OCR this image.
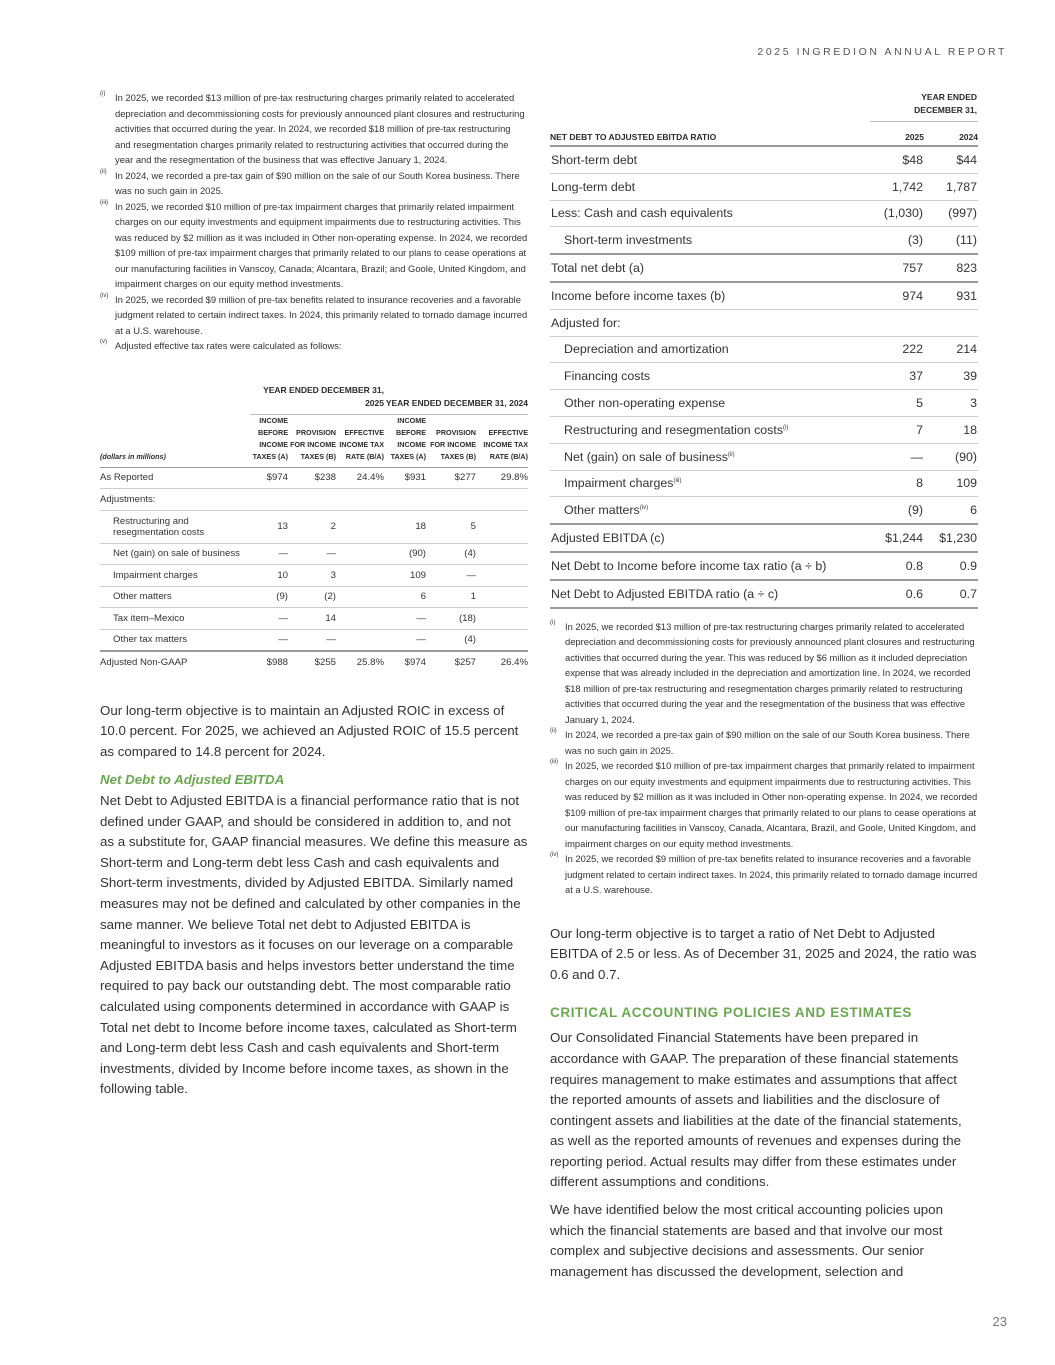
2025 INGREDION ANNUAL REPORT
(i) In 2025, we recorded $13 million of pre-tax restructuring charges primarily related to accelerated depreciation and decommissioning costs for previously announced plant closures and restructuring activities that occurred during the year. In 2024, we recorded $18 million of pre-tax restructuring and resegmentation charges primarily related to restructuring activities that occurred during the year and the resegmentation of the business that was effective January 1, 2024.
(ii) In 2024, we recorded a pre-tax gain of $90 million on the sale of our South Korea business. There was no such gain in 2025.
(iii) In 2025, we recorded $10 million of pre-tax impairment charges that primarily related impairment charges on our equity investments and equipment impairments due to restructuring activities. This was reduced by $2 million as it was included in Other non-operating expense. In 2024, we recorded $109 million of pre-tax impairment charges that primarily related to our plans to cease operations at our manufacturing facilities in Vanscoy, Canada; Alcantara, Brazil; and Goole, United Kingdom, and impairment charges on our equity method investments.
(iv) In 2025, we recorded $9 million of pre-tax benefits related to insurance recoveries and a favorable judgment related to certain indirect taxes. In 2024, this primarily related to tornado damage incurred at a U.S. warehouse.
(v) Adjusted effective tax rates were calculated as follows:
	YEAR ENDED DECEMBER 31, 2025			YEAR ENDED DECEMBER 31, 2024		
(dollars in millions)	INCOME BEFORE INCOME TAXES (A)	PROVISION FOR INCOME TAXES (B)	EFFECTIVE INCOME TAX RATE (B/A)	INCOME BEFORE INCOME TAXES (A)	PROVISION FOR INCOME TAXES (B)	EFFECTIVE INCOME TAX RATE (B/A)
As Reported	$974	$238	24.4%	$931	$277	29.8%
Adjustments:						
Restructuring and resegmentation costs	13	2		18	5	
Net (gain) on sale of business	—	—		(90)	(4)	
Impairment charges	10	3		109	—	
Other matters	(9)	(2)		6	1	
Tax item–Mexico	—	14		—	(18)	
Other tax matters	—	—		—	(4)	
Adjusted Non-GAAP	$988	$255	25.8%	$974	$257	26.4%

Our long-term objective is to maintain an Adjusted ROIC in excess of 10.0 percent. For 2025, we achieved an Adjusted ROIC of 15.5 percent as compared to 14.8 percent for 2024.

Net Debt to Adjusted EBITDA

Net Debt to Adjusted EBITDA is a financial performance ratio that is not defined under GAAP, and should be considered in addition to, and not as a substitute for, GAAP financial measures. We define this measure as Short-term and Long-term debt less Cash and cash equivalents and Short-term investments, divided by Adjusted EBITDA. Similarly named measures may not be defined and calculated by other companies in the same manner. We believe Total net debt to Adjusted EBITDA is meaningful to investors as it focuses on our leverage on a comparable Adjusted EBITDA basis and helps investors better understand the time required to pay back our outstanding debt. The most comparable ratio calculated using components determined in accordance with GAAP is Total net debt to Income before income taxes, calculated as Short-term and Long-term debt less Cash and cash equivalents and Short-term investments, divided by Income before income taxes, as shown in the following table.

	YEAR ENDED DECEMBER 31,	
NET DEBT TO ADJUSTED EBITDA RATIO	2025	2024
Short-term debt	$48	$44
Long-term debt	1,742	1,787
Less: Cash and cash equivalents	(1,030)	(997)
Short-term investments	(3)	(11)
Total net debt (a)	757	823
Income before income taxes (b)	974	931
Adjusted for:		
Depreciation and amortization	222	214
Financing costs	37	39
Other non-operating expense	5	3
Restructuring and resegmentation costs$^{(i)}$	7	18
Net (gain) on sale of business$^{(ii)}$	—	(90)
Impairment charges$^{(iii)}$	8	109
Other matters$^{(iv)}$	(9)	6
Adjusted EBITDA (c)	$1,244	$1,230
Net Debt to Income before income tax ratio (a ÷ b)	0.8	0.9
Net Debt to Adjusted EBITDA ratio (a ÷ c)	0.6	0.7
(i) In 2025, we recorded $13 million of pre-tax restructuring charges primarily related to accelerated depreciation and decommissioning costs for previously announced plant closures and restructuring activities that occurred during the year. This was reduced by $6 million as it included depreciation expense that was already included in the depreciation and amortization line. In 2024, we recorded $18 million of pre-tax restructuring and resegmentation charges primarily related to restructuring activities that occurred during the year and the resegmentation of the business that was effective January 1, 2024.
(ii) In 2024, we recorded a pre-tax gain of $90 million on the sale of our South Korea business. There was no such gain in 2025.
(iii) In 2025, we recorded $10 million of pre-tax impairment charges that primarily related to impairment charges on our equity investments and equipment impairments due to restructuring activities. This was reduced by $2 million as it was included in Other non-operating expense. In 2024, we recorded $109 million of pre-tax impairment charges that primarily related to our plans to cease operations at our manufacturing facilities in Vanscoy, Canada, Alcantara, Brazil, and Goole, United Kingdom, and impairment charges on our equity method investments.
(iv) In 2025, we recorded $9 million of pre-tax benefits related to insurance recoveries and a favorable judgment related to certain indirect taxes. In 2024, this primarily related to tornado damage incurred at a U.S. warehouse.

Our long-term objective is to target a ratio of Net Debt to Adjusted EBITDA of 2.5 or less. As of December 31, 2025 and 2024, the ratio was 0.6 and 0.7.

CRITICAL ACCOUNTING POLICIES AND ESTIMATES

Our Consolidated Financial Statements have been prepared in accordance with GAAP. The preparation of these financial statements requires management to make estimates and assumptions that affect the reported amounts of assets and liabilities and the disclosure of contingent assets and liabilities at the date of the financial statements, as well as the reported amounts of revenues and expenses during the reporting period. Actual results may differ from these estimates under different assumptions and conditions.

We have identified below the most critical accounting policies upon which the financial statements are based and that involve our most complex and subjective decisions and assessments. Our senior management has discussed the development, selection and

23
